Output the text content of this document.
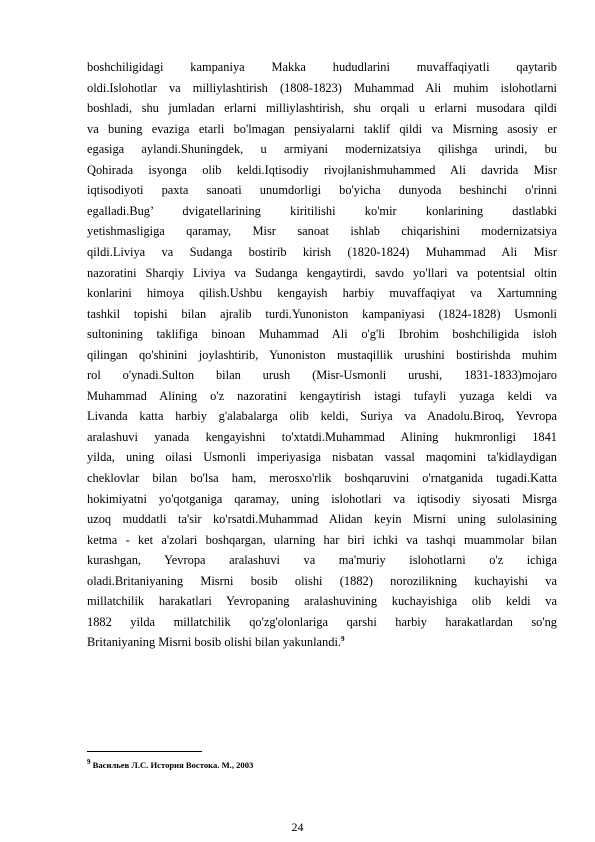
boshchiligidagi kampaniya Makka hududlarini muvaffaqiyatli qaytarib
oldi.Islohotlar va milliylashtirish (1808-1823) Muhammad Ali muhim islohotlarni
boshladi, shu jumladan erlarni milliylashtirish, shu orqali u erlarni musodara qildi
va buning evaziga etarli bo'lmagan pensiyalarni taklif qildi va Misrning asosiy er
egasiga aylandi.Shuningdek, u armiyani modernizatsiya qilishga urindi, bu
Qohirada isyonga olib keldi.Iqtisodiy rivojlanishmuhammed Ali davrida Misr
iqtisodiyoti paxta sanoati unumdorligi bo'yicha dunyoda beshinchi o'rinni
egalladi.Bug’ dvigatellarining kiritilishi ko'mir konlarining dastlabki
yetishmasligiga qaramay, Misr sanoat ishlab chiqarishini modernizatsiya
qildi.Liviya va Sudanga bostirib kirish (1820-1824) Muhammad Ali Misr
nazoratini Sharqiy Liviya va Sudanga kengaytirdi, savdo yo'llari va potentsial oltin
konlarini himoya qilish.Ushbu kengayish harbiy muvaffaqiyat va Xartumning
tashkil topishi bilan ajralib turdi.Yunoniston kampaniyasi (1824-1828) Usmonli
sultonining taklifiga binoan Muhammad Ali o'g'li Ibrohim boshchiligida isloh
qilingan qo'shinini joylashtirib, Yunoniston mustaqillik urushini bostirishda muhim
rol o'ynadi.Sulton bilan urush (Misr-Usmonli urushi, 1831-1833)mojaro
Muhammad Alining o'z nazoratini kengaytirish istagi tufayli yuzaga keldi va
Livanda katta harbiy g'alabalarga olib keldi, Suriya va Anadolu.Biroq, Yevropa
aralashuvi yanada kengayishni to'xtatdi.Muhammad Alining hukmronligi 1841
yilda, uning oilasi Usmonli imperiyasiga nisbatan vassal maqomini ta'kidlaydigan
cheklovlar bilan bo'lsa ham, merosxo'rlik boshqaruvini o'rnatganida tugadi.Katta
hokimiyatni yo'qotganiga qaramay, uning islohotlari va iqtisodiy siyosati Misrga
uzoq muddatli ta'sir ko'rsatdi.Muhammad Alidan keyin Misrni uning sulolasining
ketma - ket a'zolari boshqargan, ularning har biri ichki va tashqi muammolar bilan
kurashgan, Yevropa aralashuvi va ma'muriy islohotlarni o'z ichiga
oladi.Britaniyaning Misrni bosib olishi (1882) norozilikning kuchayishi va
millatchilik harakatlari Yevropaning aralashuvining kuchayishiga olib keldi va
1882 yilda millatchilik qo'zg'olonlariga qarshi harbiy harakatlardan so'ng
Britaniyaning Misrni bosib olishi bilan yakunlandi.$^9$
$^9$ Васильев Л.С. История Востока. М., 2003
24
